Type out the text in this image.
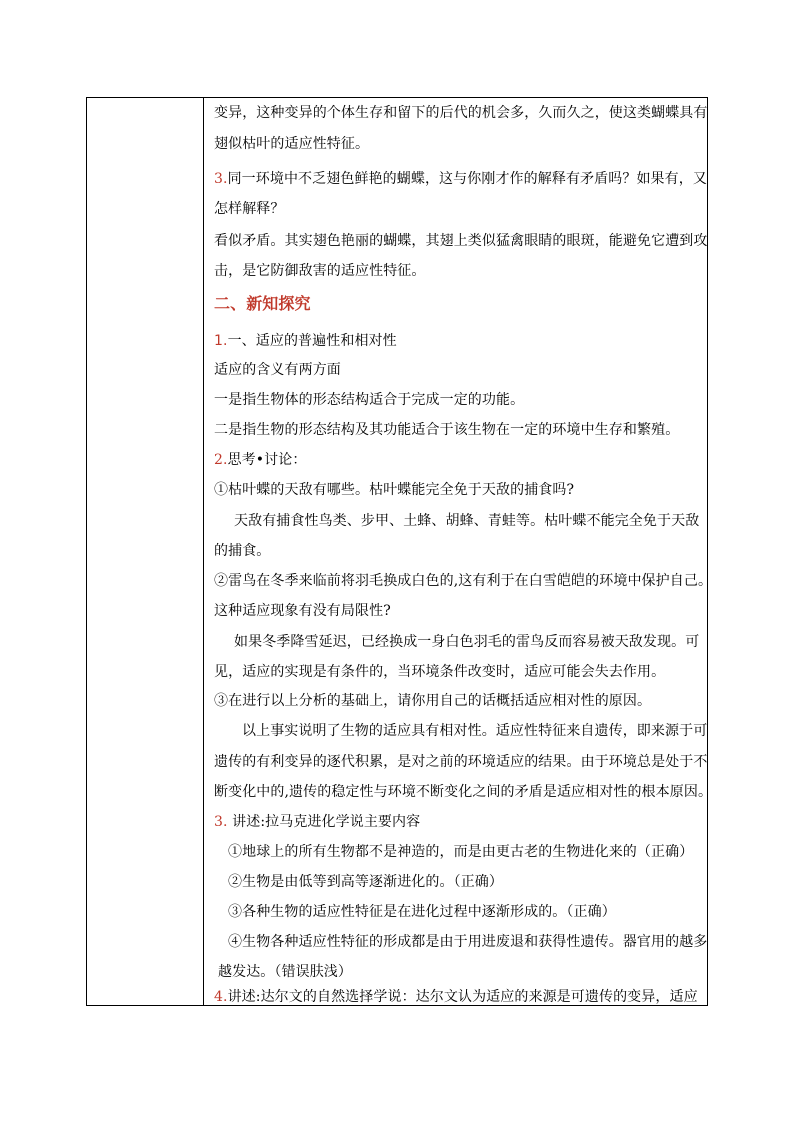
变异，这种变异的个体生存和留下的后代的机会多，久而久之，使这类蝴蝶具有
翅似枯叶的适应性特征。
3.同一环境中不乏翅色鲜艳的蝴蝶，这与你刚才作的解释有矛盾吗？如果有，又
怎样解释？
看似矛盾。其实翅色艳丽的蝴蝶，其翅上类似猛禽眼睛的眼斑，能避免它遭到攻
击，是它防御敌害的适应性特征。
二、新知探究
1.一、适应的普遍性和相对性
适应的含义有两方面
一是指生物体的形态结构适合于完成一定的功能。
二是指生物的形态结构及其功能适合于该生物在一定的环境中生存和繁殖。
2.思考•讨论：
①枯叶蝶的天敌有哪些。枯叶蝶能完全免于天敌的捕食吗?
天敌有捕食性鸟类、步甲、土蜂、胡蜂、青蛙等。枯叶蝶不能完全免于天敌
的捕食。
②雷鸟在冬季来临前将羽毛换成白色的,这有利于在白雪皑皑的环境中保护自己。
这种适应现象有没有局限性?
如果冬季降雪延迟，已经换成一身白色羽毛的雷鸟反而容易被天敌发现。可
见，适应的实现是有条件的，当环境条件改变时，适应可能会失去作用。
③在进行以上分析的基础上，请你用自己的话概括适应相对性的原因。
以上事实说明了生物的适应具有相对性。适应性特征来自遗传，即来源于可
遗传的有利变异的逐代积累，是对之前的环境适应的结果。由于环境总是处于不
断变化中的,遗传的稳定性与环境不断变化之间的矛盾是适应相对性的根本原因。
3. 讲述:拉马克进化学说主要内容
①地球上的所有生物都不是神造的，而是由更古老的生物进化来的（正确）
②生物是由低等到高等逐渐进化的。（正确）
③各种生物的适应性特征是在进化过程中逐渐形成的。（正确）
④生物各种适应性特征的形成都是由于用进废退和获得性遗传。器官用的越多
越发达。（错误肤浅）
4.讲述:达尔文的自然选择学说：达尔文认为适应的来源是可遗传的变异，适应
